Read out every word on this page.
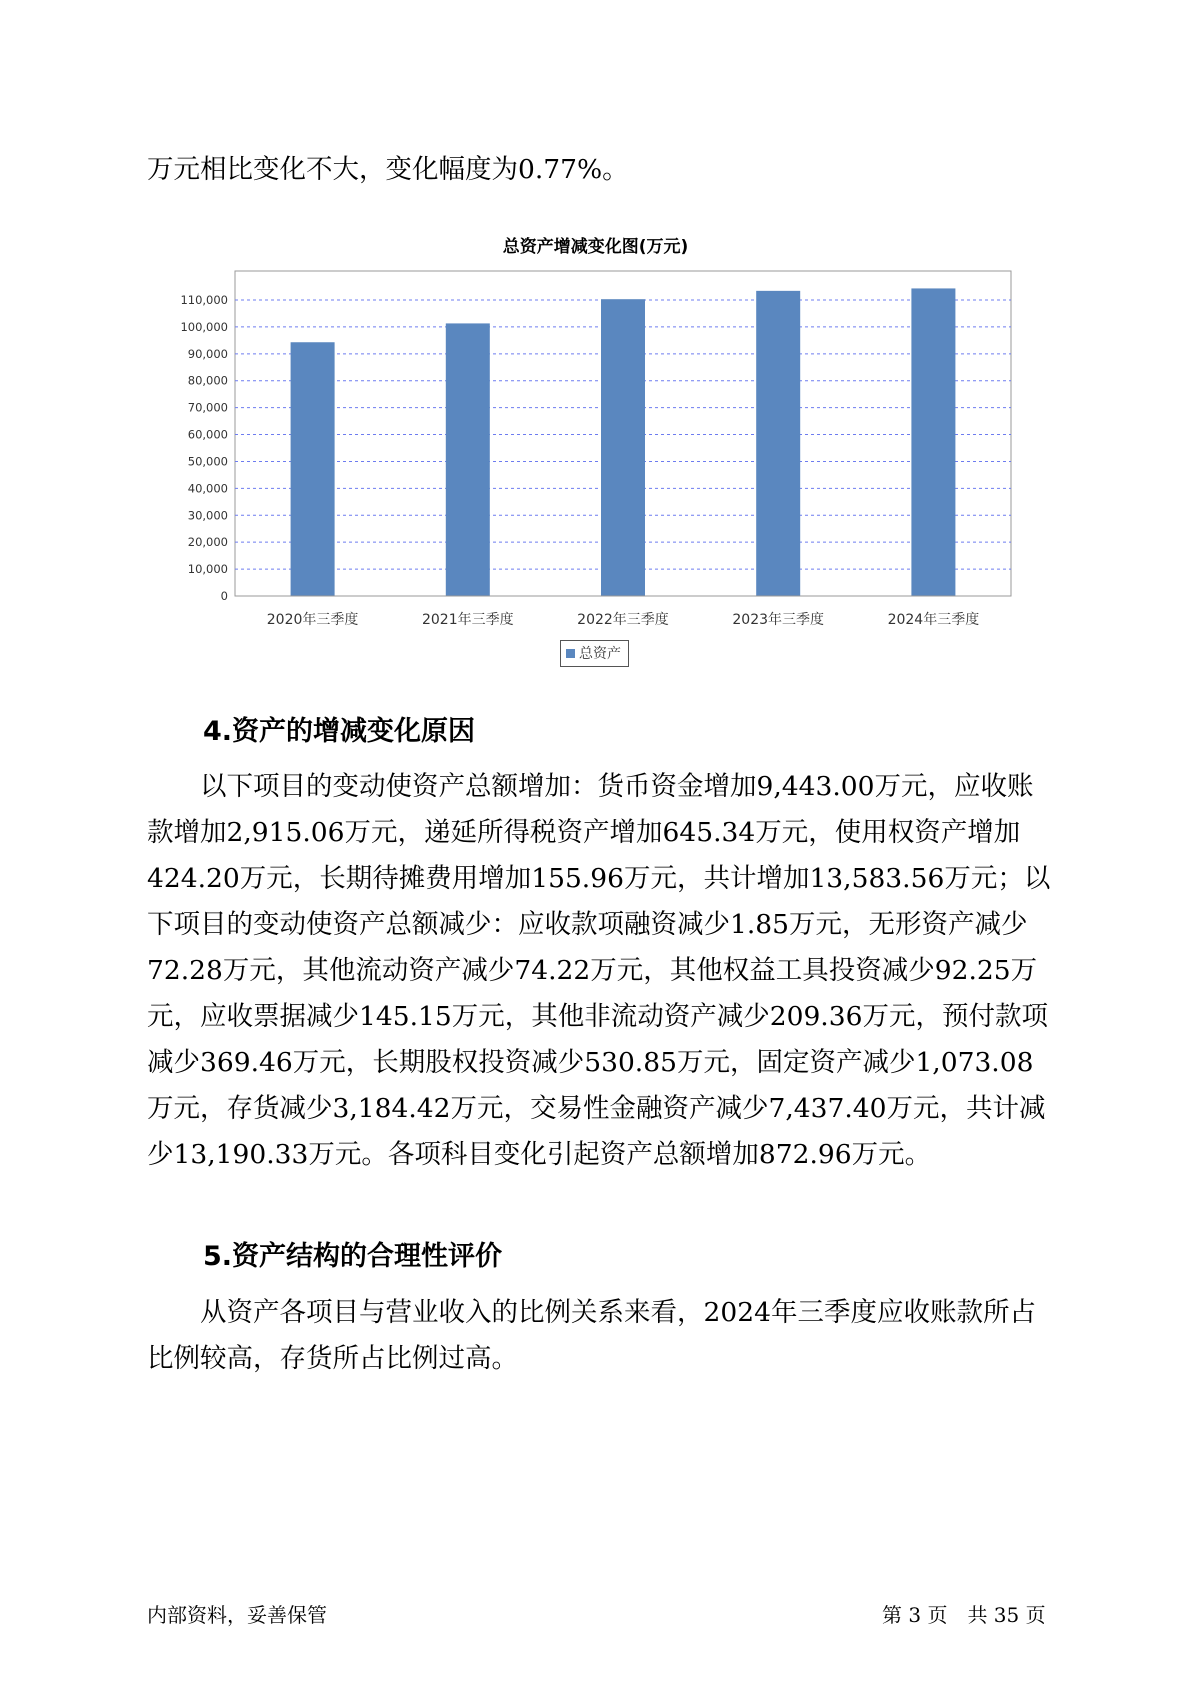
万元相比变化不大，变化幅度为0.77%。

总资产增减变化图(万元)
0
10,000
20,000
30,000
40,000
50,000
60,000
70,000
80,000
90,000
100,000
110,000
2020年三季度	2021年三季度	2022年三季度	2023年三季度	2024年三季度
总资产
4.资产的增减变化原因

以下项目的变动使资产总额增加：货币资金增加9,443.00万元，应收账款增加2,915.06万元，递延所得税资产增加645.34万元，使用权资产增加424.20万元，长期待摊费用增加155.96万元，共计增加13,583.56万元；以下项目的变动使资产总额减少：应收款项融资减少1.85万元，无形资产减少72.28万元，其他流动资产减少74.22万元，其他权益工具投资减少92.25万元，应收票据减少145.15万元，其他非流动资产减少209.36万元，预付款项减少369.46万元，长期股权投资减少530.85万元，固定资产减少1,073.08万元，存货减少3,184.42万元，交易性金融资产减少7,437.40万元，共计减少13,190.33万元。各项科目变化引起资产总额增加872.96万元。

5.资产结构的合理性评价

从资产各项目与营业收入的比例关系来看，2024年三季度应收账款所占比例较高，存货所占比例过高。

内部资料，妥善保管	第 3 页　共 35 页
